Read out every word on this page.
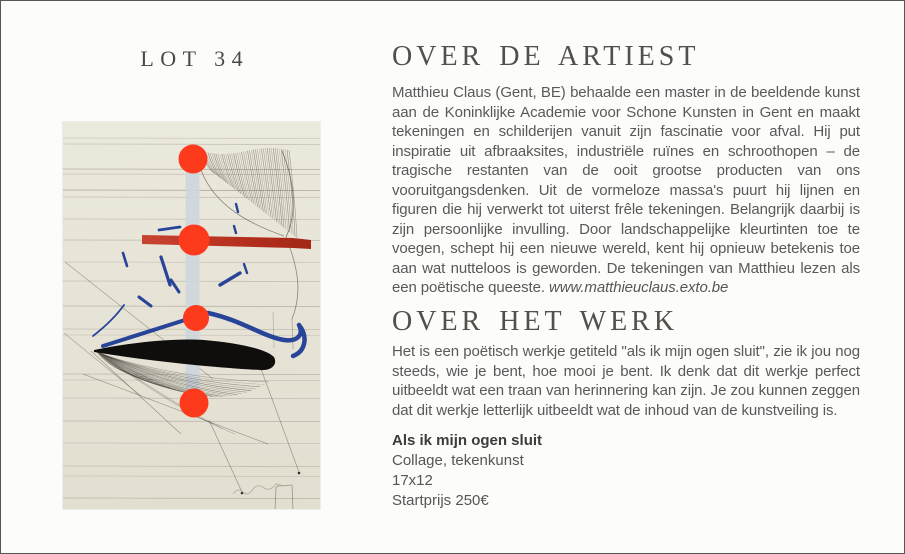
LOT 34	OVER DE ARTIEST

Matthieu Claus (Gent, BE) behaalde een master in de beeldende kunst aan de Koninklijke Academie voor Schone Kunsten in Gent en maakt tekeningen en schilderijen vanuit zijn fascinatie voor afval. Hij put inspiratie uit afbraaksites, industriële ruïnes en schroothopen – de tragische restanten van de ooit grootse producten van ons vooruitgangsdenken. Uit de vormeloze massa's puurt hij lijnen en figuren die hij verwerkt tot uiterst frêle tekeningen. Belangrijk daarbij is zijn persoonlijke invulling. Door landschappelijke kleurtinten toe te voegen, schept hij een nieuwe wereld, kent hij opnieuw betekenis toe aan wat nutteloos is geworden. De tekeningen van Matthieu lezen als een poëtische queeste. www.matthieuclaus.exto.be

OVER HET WERK

Het is een poëtisch werkje getiteld "als ik mijn ogen sluit", zie ik jou nog steeds, wie je bent, hoe mooi je bent. Ik denk dat dit werkje perfect uitbeeldt wat een traan van herinnering kan zijn. Je zou kunnen zeggen dat dit werkje letterlijk uitbeeldt wat de inhoud van de kunstveiling is.

Als ik mijn ogen sluit
Collage, tekenkunst
17x12
Startprijs 250€
